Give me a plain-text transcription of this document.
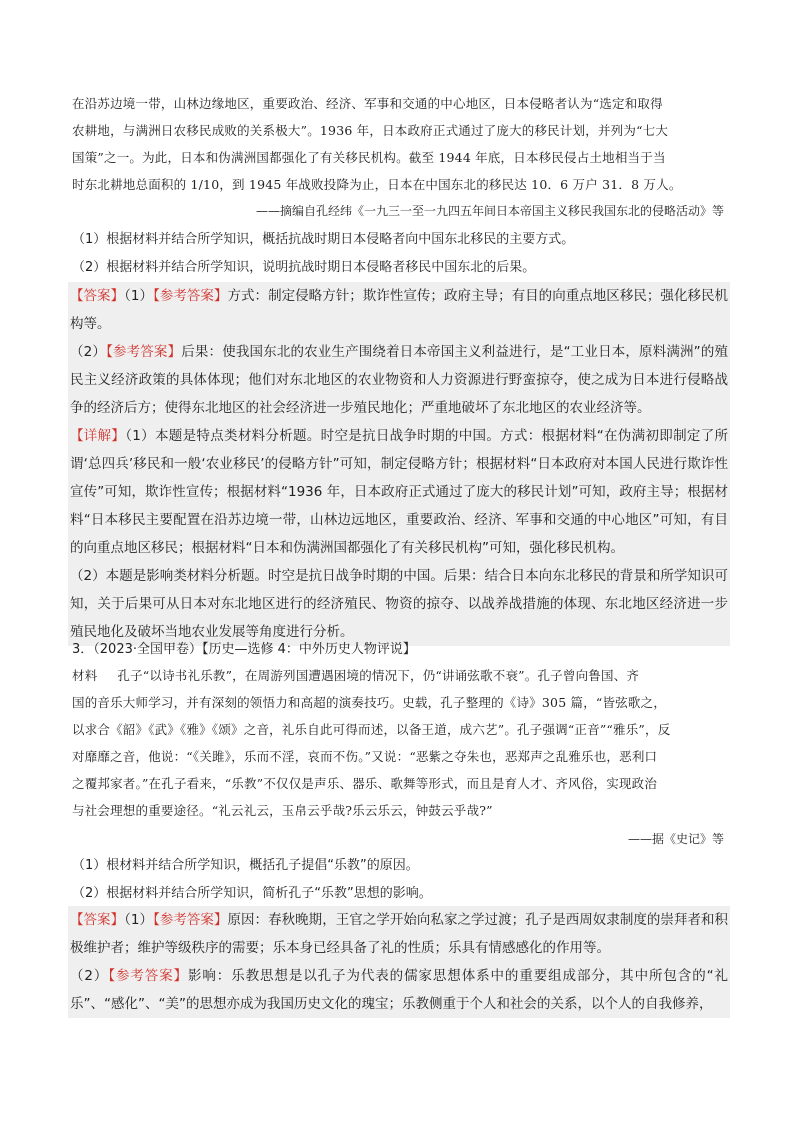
在沿苏边境一带，山林边缘地区，重要政治、经济、军事和交通的中心地区，日本侵略者认为“选定和取得

农耕地，与满洲日农移民成败的关系极大”。1936 年，日本政府正式通过了庞大的移民计划，并列为“七大

国策”之一。为此，日本和伪满洲国都强化了有关移民机构。截至 1944 年底，日本移民侵占土地相当于当

时东北耕地总面积的 1/10，到 1945 年战败投降为止，日本在中国东北的移民达 10．6 万户 31．8 万人。

——摘编自孔经纬《一九三一至一九四五年间日本帝国主义移民我国东北的侵略活动》等

（1）根据材料并结合所学知识，概括抗战时期日本侵略者向中国东北移民的主要方式。

（2）根据材料并结合所学知识，说明抗战时期日本侵略者移民中国东北的后果。

【答案】（1）【参考答案】方式：制定侵略方针；欺诈性宣传；政府主导；有目的向重点地区移民；强化移民机构等。

（2）【参考答案】后果：使我国东北的农业生产围绕着日本帝国主义利益进行，是“工业日本，原料满洲”的殖民主义经济政策的具体体现；他们对东北地区的农业物资和人力资源进行野蛮掠夺，使之成为日本进行侵略战争的经济后方；使得东北地区的社会经济进一步殖民地化；严重地破坏了东北地区的农业经济等。

【详解】（1）本题是特点类材料分析题。时空是抗日战争时期的中国。方式：根据材料“在伪满初即制定了所谓‘总四兵’移民和一般‘农业移民’的侵略方针”可知，制定侵略方针；根据材料“日本政府对本国人民进行欺诈性宣传”可知，欺诈性宣传；根据材料“1936 年，日本政府正式通过了庞大的移民计划”可知，政府主导；根据材料“日本移民主要配置在沿苏边境一带，山林边远地区，重要政治、经济、军事和交通的中心地区”可知，有目的向重点地区移民；根据材料“日本和伪满洲国都强化了有关移民机构”可知，强化移民机构。

（2）本题是影响类材料分析题。时空是抗日战争时期的中国。后果：结合日本向东北移民的背景和所学知识可知，关于后果可从日本对东北地区进行的经济殖民、物资的掠夺、以战养战措施的体现、东北地区经济进一步殖民地化及破坏当地农业发展等角度进行分析。

3．（2023·全国甲卷）【历史—选修 4：中外历史人物评说】

材料 孔子“以诗书礼乐教”，在周游列国遭遇困境的情况下，仍“讲诵弦歌不衰”。孔子曾向鲁国、齐

国的音乐大师学习，并有深刻的领悟力和高超的演奏技巧。史载，孔子整理的《诗》305 篇，“皆弦歌之，

以求合《韶》《武》《雅》《颂》之音，礼乐自此可得而述，以备王道，成六艺”。孔子强调“正音”“雅乐”，反

对靡靡之音，他说：“《关雎》，乐而不淫，哀而不伤。”又说：“恶紫之夺朱也，恶郑声之乱雅乐也，恶利口

之覆邦家者。”在孔子看来，“乐教”不仅仅是声乐、器乐、歌舞等形式，而且是育人才、齐风俗，实现政治

与社会理想的重要途径。“礼云礼云，玉帛云乎哉?乐云乐云，钟鼓云乎哉?”

——据《史记》等

（1）根材料并结合所学知识，概括孔子提倡“乐教”的原因。

（2）根据材料并结合所学知识，简析孔子“乐教”思想的影响。

【答案】（1）【参考答案】原因：春秋晚期，王官之学开始向私家之学过渡；孔子是西周奴隶制度的崇拜者和积极维护者；维护等级秩序的需要；乐本身已经具备了礼的性质；乐具有情感感化的作用等。

（2）【参考答案】影响：乐教思想是以孔子为代表的儒家思想体系中的重要组成部分，其中所包含的“礼乐”、“感化”、“美”的思想亦成为我国历史文化的瑰宝；乐教侧重于个人和社会的关系，以个人的自我修养，
